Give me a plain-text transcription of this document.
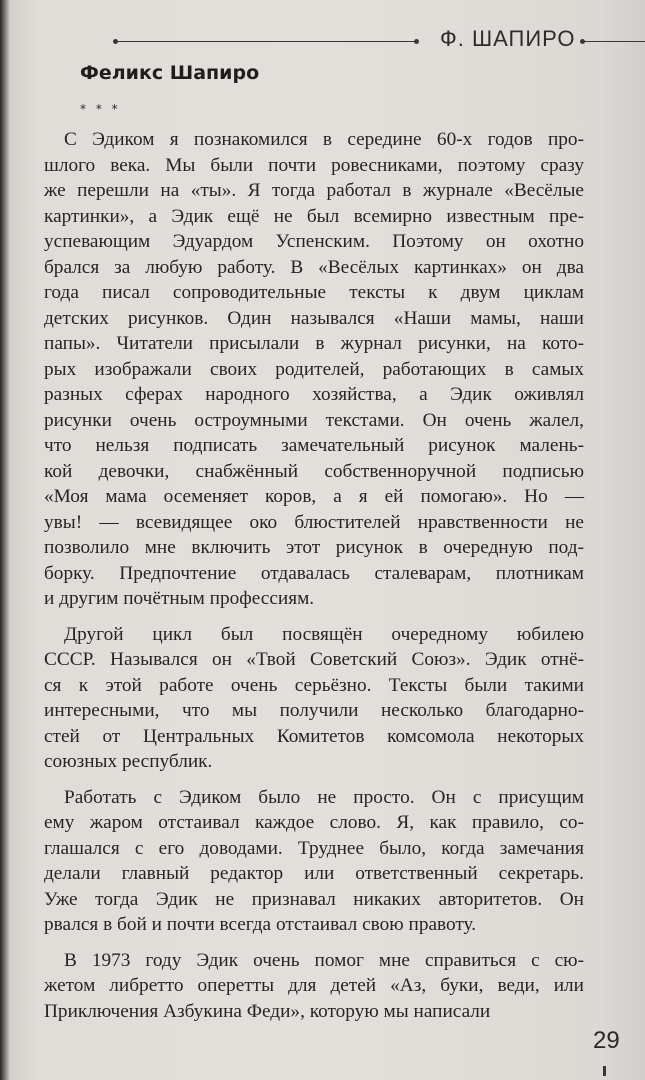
Ф. ШАПИРО
Феликс Шапиро
* * *
С Эдиком я познакомился в середине 60-х годов про-
шлого века. Мы были почти ровесниками, поэтому сразу
же перешли на «ты». Я тогда работал в журнале «Весёлые
картинки», а Эдик ещё не был всемирно известным пре-
успевающим Эдуардом Успенским. Поэтому он охотно
брался за любую работу. В «Весёлых картинках» он два
года писал сопроводительные тексты к двум циклам
детских рисунков. Один назывался «Наши мамы, наши
папы». Читатели присылали в журнал рисунки, на кото-
рых изображали своих родителей, работающих в самых
разных сферах народного хозяйства, а Эдик оживлял
рисунки очень остроумными текстами. Он очень жалел,
что нельзя подписать замечательный рисунок малень-
кой девочки, снабжённый собственноручной подписью
«Моя мама осеменяет коров, а я ей помогаю». Но —
увы! — всевидящее око блюстителей нравственности не
позволило мне включить этот рисунок в очередную под-
борку. Предпочтение отдавалась сталеварам, плотникам
и другим почётным профессиям.
Другой цикл был посвящён очередному юбилею
СССР. Назывался он «Твой Советский Союз». Эдик отнё-
ся к этой работе очень серьёзно. Тексты были такими
интересными, что мы получили несколько благодарно-
стей от Центральных Комитетов комсомола некоторых
союзных республик.
Работать с Эдиком было не просто. Он с присущим
ему жаром отстаивал каждое слово. Я, как правило, со-
глашался с его доводами. Труднее было, когда замечания
делали главный редактор или ответственный секретарь.
Уже тогда Эдик не признавал никаких авторитетов. Он
рвался в бой и почти всегда отстаивал свою правоту.
В 1973 году Эдик очень помог мне справиться с сю-
жетом либретто оперетты для детей «Аз, буки, веди, или
Приключения Азбукина Феди», которую мы написали
29
